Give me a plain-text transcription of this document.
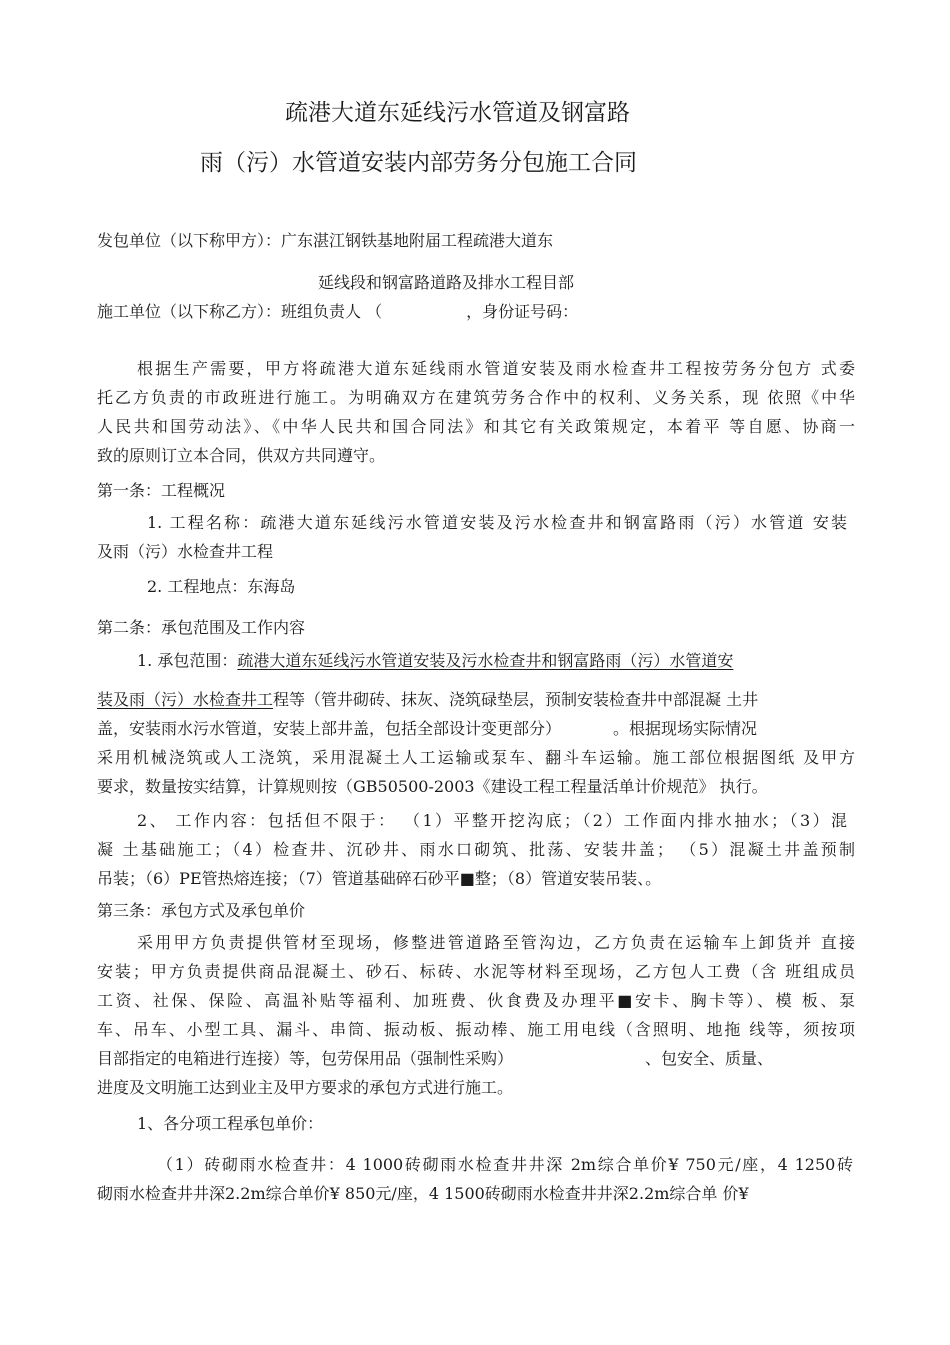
疏港大道东延线污水管道及钢富路
雨（污）水管道安装内部劳务分包施工合同
发包单位（以下称甲方）：广东湛江钢铁基地附届工程疏港大道东
延线段和钢富路道路及排水工程目部
施工单位（以下称乙方）：班组负责人 （	，身份证号码：
根据生产需要，甲方将疏港大道东延线雨水管道安装及雨水检查井工程按劳务分包方 式委
托乙方负责的市政班进行施工。为明确双方在建筑劳务合作中的权利、义务关系，现 依照《中华
人民共和国劳动法》、《中华人民共和国合同法》和其它有关政策规定，本着平 等自愿、协商一
致的原则订立本合同，供双方共同遵守。
第一条：工程概况
1. 工程名称：疏港大道东延线污水管道安装及污水检查井和钢富路雨（污）水管道 安装
及雨（污）水检查井工程
2. 工程地点：东海岛
第二条：承包范围及工作内容
1. 承包范围：疏港大道东延线污水管道安装及污水检查井和钢富路雨（污）水管道安
装及雨（污）水检查井工程等（管井砌砖、抹灰、浇筑碌垫层，预制安装检查井中部混凝 土井
盖，安装雨水污水管道，安装上部井盖，包括全部设计变更部分）	。根据现场实际情况
采用机械浇筑或人工浇筑，采用混凝土人工运输或泵车、翻斗车运输。施工部位根据图纸 及甲方
要求，数量按实结算，计算规则按（GB50500-2003《建设工程工程量活单计价规范》 执行。
2、 工作内容：包括但不限于： （1）平整开挖沟底；（2）工作面内排水抽水；（3）混
凝 土基础施工；（4）检查井、沉砂井、雨水口砌筑、批荡、安装井盖； （5）混凝土井盖预制
吊装；（6）PE管热熔连接；（7）管道基础碎石砂平■整；（8）管道安装吊装、。
第三条：承包方式及承包单价
采用甲方负责提供管材至现场，修整进管道路至管沟边，乙方负责在运输车上卸货并 直接
安装；甲方负责提供商品混凝土、砂石、标砖、水泥等材料至现场，乙方包人工费（含 班组成员
工资、社保、保险、高温补贴等福利、加班费、伙食费及办理平■安卡、胸卡等）、模 板、泵
车、吊车、小型工具、漏斗、串筒、振动板、振动棒、施工用电线（含照明、地拖 线等，须按项
目部指定的电箱进行连接）等，包劳保用品（强制性采购）	、包安全、质量、
进度及文明施工达到业主及甲方要求的承包方式进行施工。
1、各分项工程承包单价：
（1）砖砌雨水检查井：4 1000砖砌雨水检查井井深 2m综合单价¥ 750元/座，4 1250砖
砌雨水检查井井深2.2m综合单价¥ 850元/座，4 1500砖砌雨水检查井井深2.2m综合单 价¥
